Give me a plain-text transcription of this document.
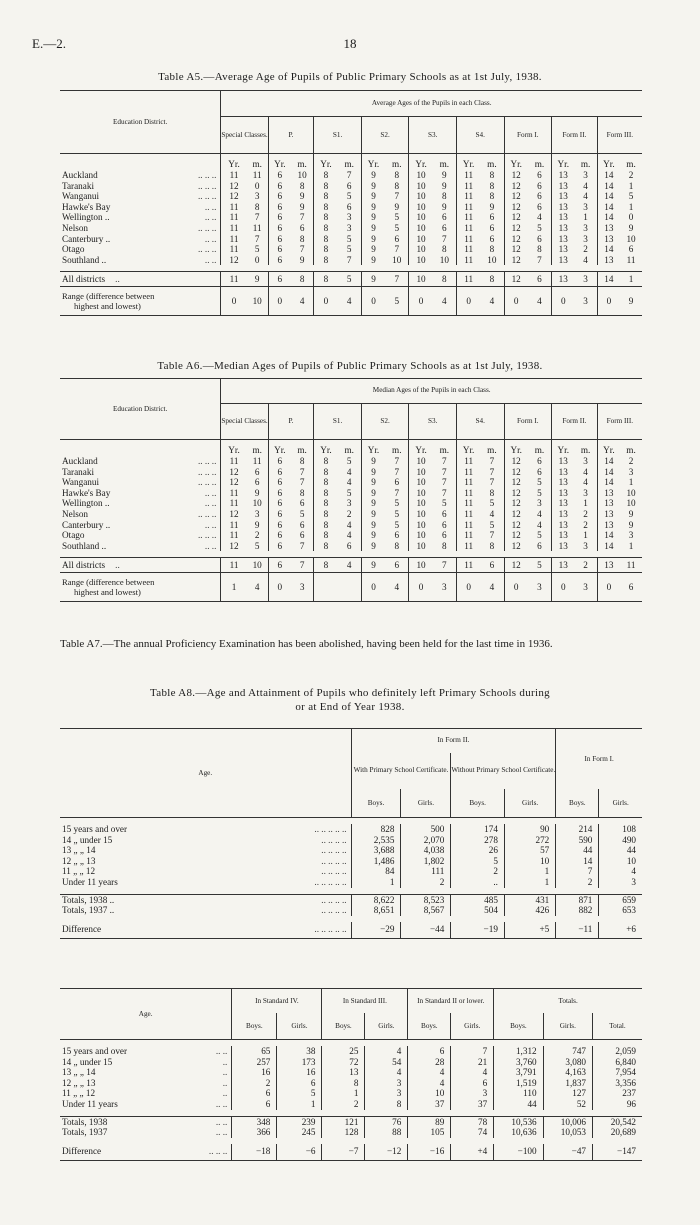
E.—2.	18
Table A5.—Average Age of Pupils of Public Primary Schools as at 1st July, 1938.
Education District.	Average Ages of the Pupils in each Class.																	
	Special Classes.		P.		S1.		S2.		S3.		S4.		Form I.		Form II.		Form III.	
	Yr.	m.	Yr.	m.	Yr.	m.	Yr.	m.	Yr.	m.	Yr.	m.	Yr.	m.	Yr.	m.	Yr.	m.
Auckland .. .. ..	11	11	6	10	8	7	9	8	10	9	11	8	12	6	13	3	14	2
Taranaki .. .. ..	12	0	6	8	8	6	9	8	10	9	11	8	12	6	13	4	14	1
Wanganui .. .. ..	12	3	6	9	8	5	9	7	10	8	11	8	12	6	13	4	14	5
Hawke's Bay .. ..	11	8	6	9	8	6	9	9	10	9	11	9	12	6	13	3	14	1
Wellington .. .. ..	11	7	6	7	8	3	9	5	10	6	11	6	12	4	13	1	14	0
Nelson .. .. ..	11	11	6	6	8	3	9	5	10	6	11	6	12	5	13	3	13	9
Canterbury .. .. ..	11	7	6	8	8	5	9	6	10	7	11	6	12	6	13	3	13	10
Otago .. .. ..	11	5	6	7	8	5	9	7	10	8	11	8	12	8	13	2	14	6
Southland .. .. ..	12	0	6	9	8	7	9	10	10	10	11	10	12	7	13	4	13	11

All districts ..	11	9	6	8	8	5	9	7	10	8	11	8	12	6	13	3	14	1

Range (difference between
highest and lowest)	0	10	0	4	0	4	0	5	0	4	0	4	0	4	0	3	0	9
Table A6.—Median Ages of Pupils of Public Primary Schools as at 1st July, 1938.
Education District.	Median Ages of the Pupils in each Class.																	
	Special Classes.		P.		S1.		S2.		S3.		S4.		Form I.		Form II.		Form III.	
	Yr.	m.	Yr.	m.	Yr.	m.	Yr.	m.	Yr.	m.	Yr.	m.	Yr.	m.	Yr.	m.	Yr.	m.
Auckland .. .. ..	11	11	6	8	8	5	9	7	10	7	11	7	12	6	13	3	14	2
Taranaki .. .. ..	12	6	6	7	8	4	9	7	10	7	11	7	12	6	13	4	14	3
Wanganui .. .. ..	12	6	6	7	8	4	9	6	10	7	11	7	12	5	13	4	14	1
Hawke's Bay .. ..	11	9	6	8	8	5	9	7	10	7	11	8	12	5	13	3	13	10
Wellington .. .. ..	11	10	6	6	8	3	9	5	10	5	11	5	12	3	13	1	13	10
Nelson .. .. ..	12	3	6	5	8	2	9	5	10	6	11	4	12	4	13	2	13	9
Canterbury .. .. ..	11	9	6	6	8	4	9	5	10	6	11	5	12	4	13	2	13	9
Otago .. .. ..	11	2	6	6	8	4	9	6	10	6	11	7	12	5	13	1	14	3
Southland .. .. ..	12	5	6	7	8	6	9	8	10	8	11	8	12	6	13	3	14	1

All districts ..	11	10	6	7	8	4	9	6	10	7	11	6	12	5	13	2	13	11

Range (difference between
highest and lowest)	1	4	0	3			0	4	0	3	0	4	0	3	0	3	0	6
Table A7.—The annual Proficiency Examination has been abolished, having been held for the last time in 1936.
Table A8.—Age and Attainment of Pupils who definitely left Primary Schools during
or at End of Year 1938.
Age.	In Form II.				In Form I.	
	With Primary School Certificate.		Without Primary School Certificate.			
	Boys.	Girls.	Boys.	Girls.	Boys.	Girls.

15 years and over .. .. .. .. ..	828	500	174	90	214	108
14 „ under 15 .. .. .. ..	2,535	2,070	278	272	590	490
13 „ „ 14 .. .. .. ..	3,688	4,038	26	57	44	44
12 „ „ 13 .. .. .. ..	1,486	1,802	5	10	14	10
11 „ „ 12 .. .. .. ..	84	111	2	1	7	4
Under 11 years .. .. .. .. ..	1	2	..	1	2	3

Totals, 1938 .. .. .. .. ..	8,622	8,523	485	431	871	659
Totals, 1937 .. .. .. .. ..	8,651	8,567	504	426	882	653

Difference .. .. .. .. ..	−29	−44	−19	+5	−11	+6
Age.	In Standard IV.		In Standard III.		In Standard II or lower.		Totals.		
	Boys.	Girls.	Boys.	Girls.	Boys.	Girls.	Boys.	Girls.	Total.

15 years and over .. ..	65	38	25	4	6	7	1,312	747	2,059
14 „ under 15 ..	257	173	72	54	28	21	3,760	3,080	6,840
13 „ „ 14 ..	16	16	13	4	4	4	3,791	4,163	7,954
12 „ „ 13 ..	2	6	8	3	4	6	1,519	1,837	3,356
11 „ „ 12 ..	6	5	1	3	10	3	110	127	237
Under 11 years .. ..	6	1	2	8	37	37	44	52	96

Totals, 1938 .. ..	348	239	121	76	89	78	10,536	10,006	20,542
Totals, 1937 .. ..	366	245	128	88	105	74	10,636	10,053	20,689

Difference .. .. ..	−18	−6	−7	−12	−16	+4	−100	−47	−147
